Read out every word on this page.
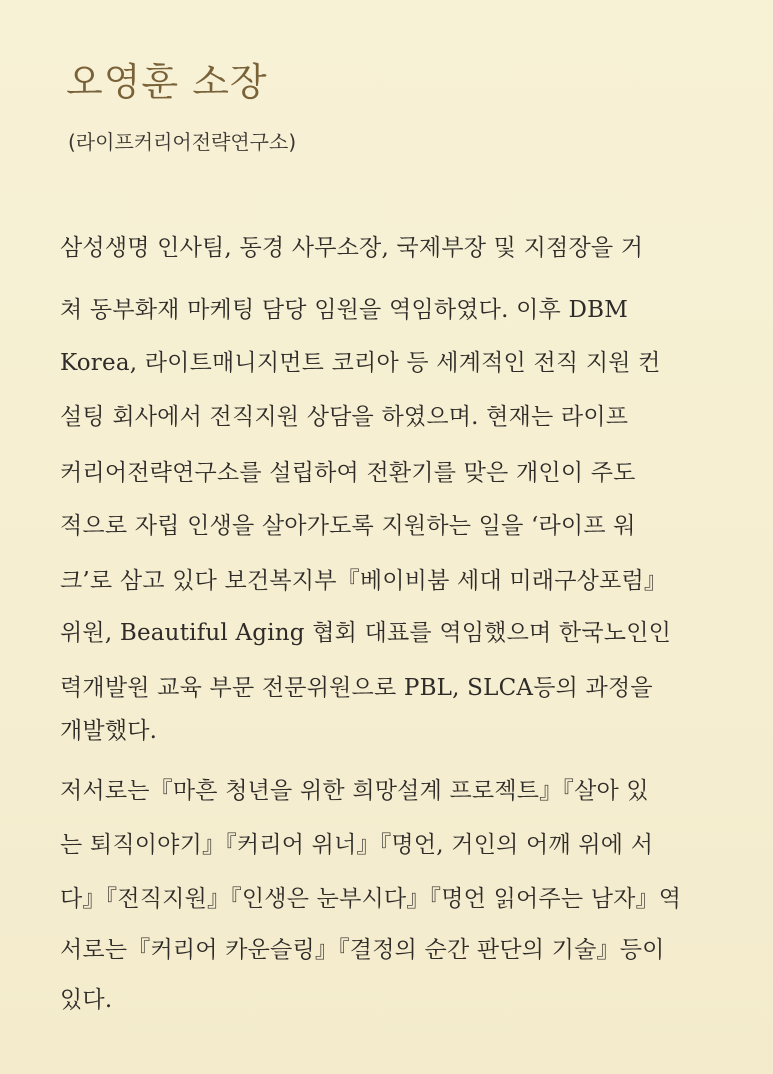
오영훈 소장

(라이프커리어전략연구소)

삼성생명 인사팀, 동경 사무소장, 국제부장 및 지점장을 거

쳐 동부화재 마케팅 담당 임원을 역임하였다. 이후 DBM

Korea, 라이트매니지먼트 코리아 등 세계적인 전직 지원 컨

설팅 회사에서 전직지원 상담을 하였으며. 현재는 라이프

커리어전략연구소를 설립하여 전환기를 맞은 개인이 주도

적으로 자립 인생을 살아가도록 지원하는 일을 ‘라이프 워

크’로 삼고 있다 보건복지부『베이비붐 세대 미래구상포럼』

위원, Beautiful Aging 협회 대표를 역임했으며 한국노인인

력개발원 교육 부문 전문위원으로 PBL, SLCA등의 과정을

개발했다.

저서로는『마흔 청년을 위한 희망설계 프로젝트』『살아 있

는 퇴직이야기』『커리어 위너』『명언, 거인의 어깨 위에 서

다』『전직지원』『인생은 눈부시다』『명언 읽어주는 남자』역

서로는『커리어 카운슬링』『결정의 순간 판단의 기술』등이

있다.
